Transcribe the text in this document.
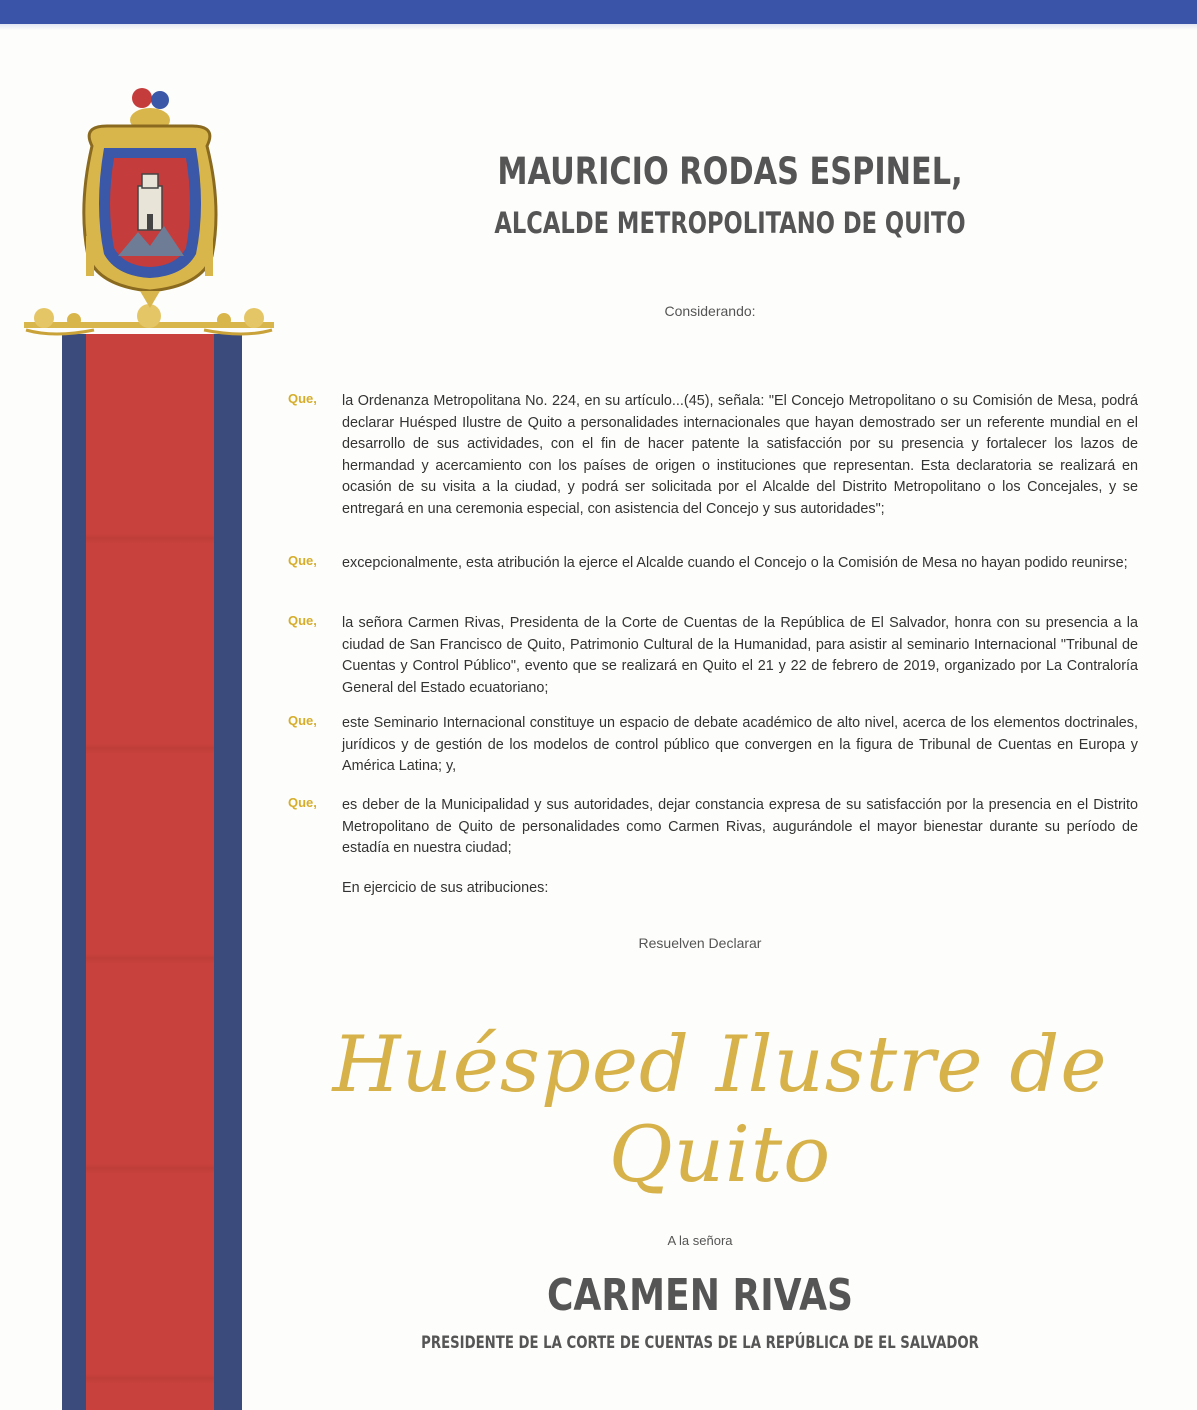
MAURICIO RODAS ESPINEL,
ALCALDE METROPOLITANO DE QUITO
Considerando:
Que,	la Ordenanza Metropolitana No. 224, en su artículo...(45), señala: "El Concejo Metropolitano o su Comisión de Mesa, podrá declarar Huésped Ilustre de Quito a personalidades internacionales que hayan demostrado ser un referente mundial en el desarrollo de sus actividades, con el fin de hacer patente la satisfacción por su presencia y fortalecer los lazos de hermandad y acercamiento con los países de origen o instituciones que representan. Esta declaratoria se realizará en ocasión de su visita a la ciudad, y podrá ser solicitada por el Alcalde del Distrito Metropolitano o los Concejales, y se entregará en una ceremonia especial, con asistencia del Concejo y sus autoridades";
Que,	excepcionalmente, esta atribución la ejerce el Alcalde cuando el Concejo o la Comisión de Mesa no hayan podido reunirse;
Que,	la señora Carmen Rivas, Presidenta de la Corte de Cuentas de la República de El Salvador, honra con su presencia a la ciudad de San Francisco de Quito, Patrimonio Cultural de la Humanidad, para asistir al seminario Internacional "Tribunal de Cuentas y Control Público", evento que se realizará en Quito el 21 y 22 de febrero de 2019, organizado por La Contraloría General del Estado ecuatoriano;
Que,	este Seminario Internacional constituye un espacio de debate académico de alto nivel, acerca de los elementos doctrinales, jurídicos y de gestión de los modelos de control público que convergen en la figura de Tribunal de Cuentas en Europa y América Latina; y,
Que,	es deber de la Municipalidad y sus autoridades, dejar constancia expresa de su satisfacción por la presencia en el Distrito Metropolitano de Quito de personalidades como Carmen Rivas, augurándole el mayor bienestar durante su período de estadía en nuestra ciudad;
En ejercicio de sus atribuciones:
Resuelven Declarar
Huésped Ilustre de Quito
A la señora
CARMEN RIVAS
PRESIDENTE DE LA CORTE DE CUENTAS DE LA REPÚBLICA DE EL SALVADOR
